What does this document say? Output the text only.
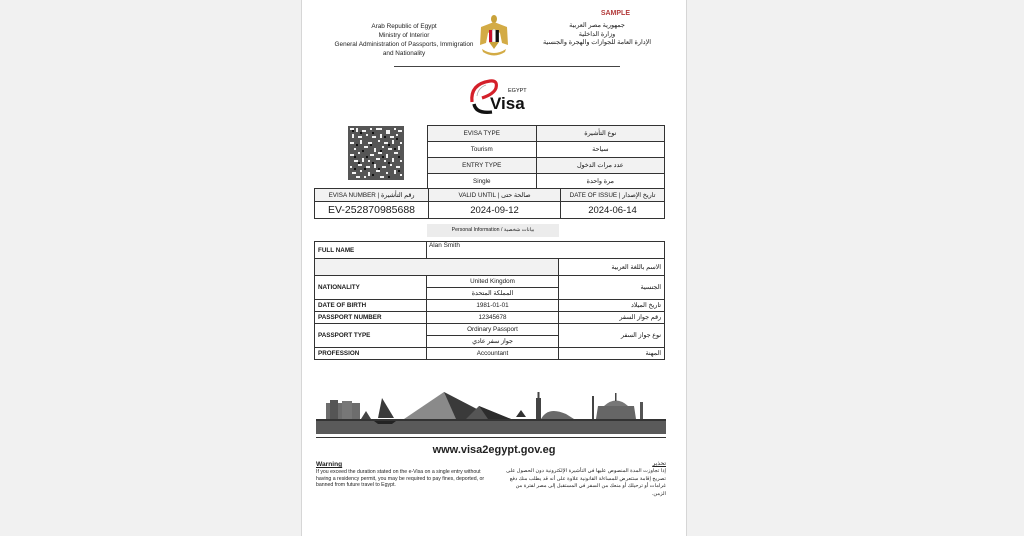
SAMPLE
Arab Republic of Egypt
Ministry of Interior
General Administration of Passports, Immigration
and Nationality
جمهورية مصر العربية
وزارة الداخلية
الإدارة العامة للجوازات والهجرة والجنسية
EGYPT
Visa
EVISA TYPE	نوع التأشيرة
Tourism	سياحة
ENTRY TYPE	عدد مرات الدخول
Single	مرة واحدة
EVISA NUMBER | رقم التأشيرة	VALID UNTIL | صالحة حتى	DATE OF ISSUE | تاريخ الإصدار
EV-252870985688	2024-09-12	2024-06-14
Personal Information / بيانات شخصية
FULL NAME	Alan Smith	
		الاسم باللغة العربية
NATIONALITY	United Kingdom	الجنسية
	المملكة المتحدة	
DATE OF BIRTH	1981-01-01	تاريخ الميلاد
PASSPORT NUMBER	12345678	رقم جواز السفر
PASSPORT TYPE	Ordinary Passport	نوع جواز السفر
	جواز سفر عادي	
PROFESSION	Accountant	المهنة
www.visa2egypt.gov.eg
Warning
If you exceed the duration stated on the e-Visa on a single entry without having a residency permit, you may be required to pay fines, deported, or banned from future travel to Egypt.
تحذير
إذا تجاوزت المدة المنصوص عليها في التأشيرة الإلكترونية دون الحصول على تصريح إقامة ستتعرض للمساءلة القانونية علاوة على أنه قد يطلب منك دفع غرامات أو ترحيلك أو منعك من السفر في المستقبل إلى مصر لفترة من الزمن.
